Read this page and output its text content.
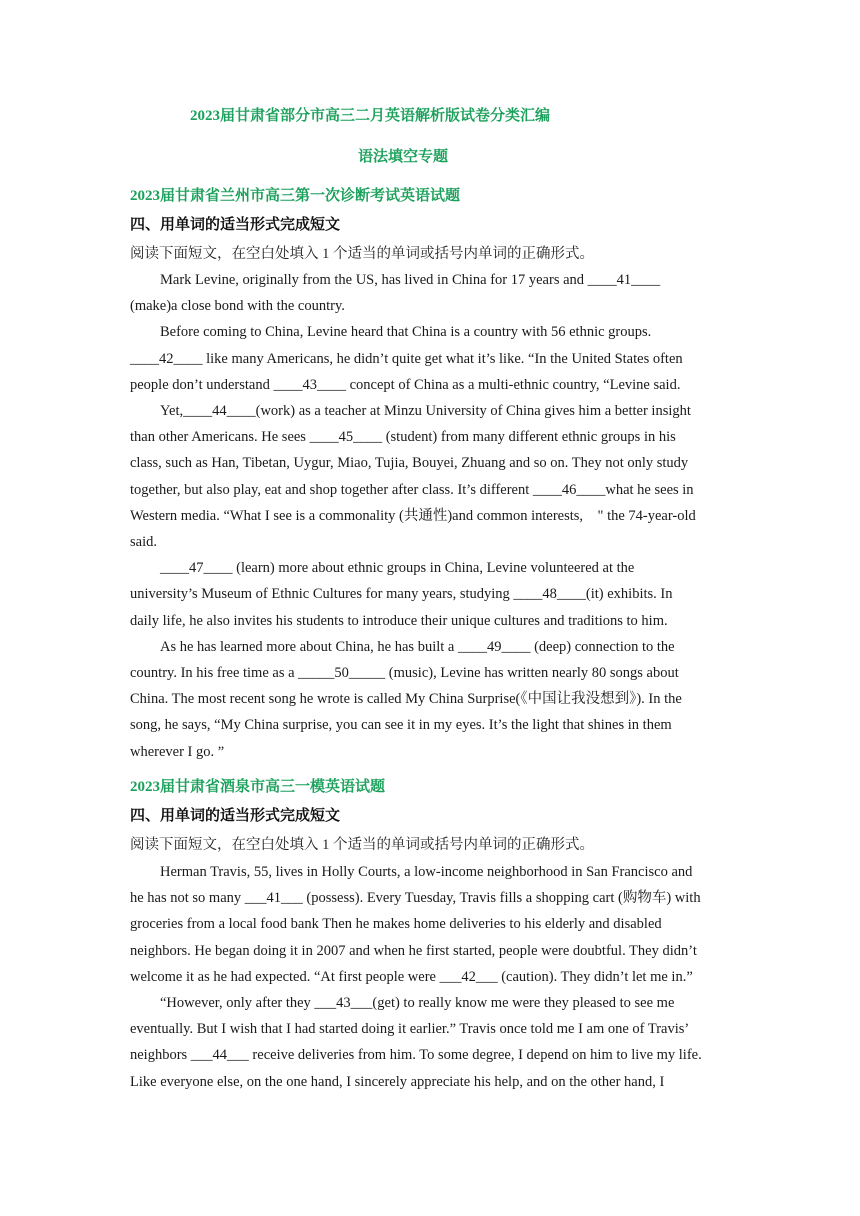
2023届甘肃省部分市高三二月英语解析版试卷分类汇编
语法填空专题
2023届甘肃省兰州市高三第一次诊断考试英语试题
四、用单词的适当形式完成短文
阅读下面短文，在空白处填入 1 个适当的单词或括号内单词的正确形式。
Mark Levine, originally from the US, has lived in China for 17 years and ____41____
(make)a close bond with the country.
Before coming to China, Levine heard that China is a country with 56 ethnic groups.
____42____ like many Americans, he didn’t quite get what it’s like. “In the United States often
people don’t understand ____43____ concept of China as a multi-ethnic country, “Levine said.
Yet,____44____(work) as a teacher at Minzu University of China gives him a better insight
than other Americans. He sees ____45____ (student) from many different ethnic groups in his
class, such as Han, Tibetan, Uygur, Miao, Tujia, Bouyei, Zhuang and so on. They not only study
together, but also play, eat and shop together after class. It’s different ____46____what he sees in
Western media. “What I see is a commonality (共通性)and common interests,　" the 74-year-old
said.
____47____ (learn) more about ethnic groups in China, Levine volunteered at the
university’s Museum of Ethnic Cultures for many years, studying ____48____(it) exhibits. In
daily life, he also invites his students to introduce their unique cultures and traditions to him.
As he has learned more about China, he has built a ____49____ (deep) connection to the
country. In his free time as a _____50_____ (music), Levine has written nearly 80 songs about
China. The most recent song he wrote is called My China Surprise(《中国让我没想到》). In the
song, he says, “My China surprise, you can see it in my eyes. It’s the light that shines in them
wherever I go. ”
2023届甘肃省酒泉市高三一模英语试题
四、用单词的适当形式完成短文
阅读下面短文，在空白处填入 1 个适当的单词或括号内单词的正确形式。
Herman Travis, 55, lives in Holly Courts, a low-income neighborhood in San Francisco and
he has not so many ___41___ (possess). Every Tuesday, Travis fills a shopping cart (购物车) with
groceries from a local food bank Then he makes home deliveries to his elderly and disabled
neighbors. He began doing it in 2007 and when he first started, people were doubtful. They didn’t
welcome it as he had expected. “At first people were ___42___ (caution). They didn’t let me in.”
“However, only after they ___43___(get) to really know me were they pleased to see me
eventually. But I wish that I had started doing it earlier.” Travis once told me I am one of Travis’
neighbors ___44___ receive deliveries from him. To some degree, I depend on him to live my life.
Like everyone else, on the one hand, I sincerely appreciate his help, and on the other hand, I
